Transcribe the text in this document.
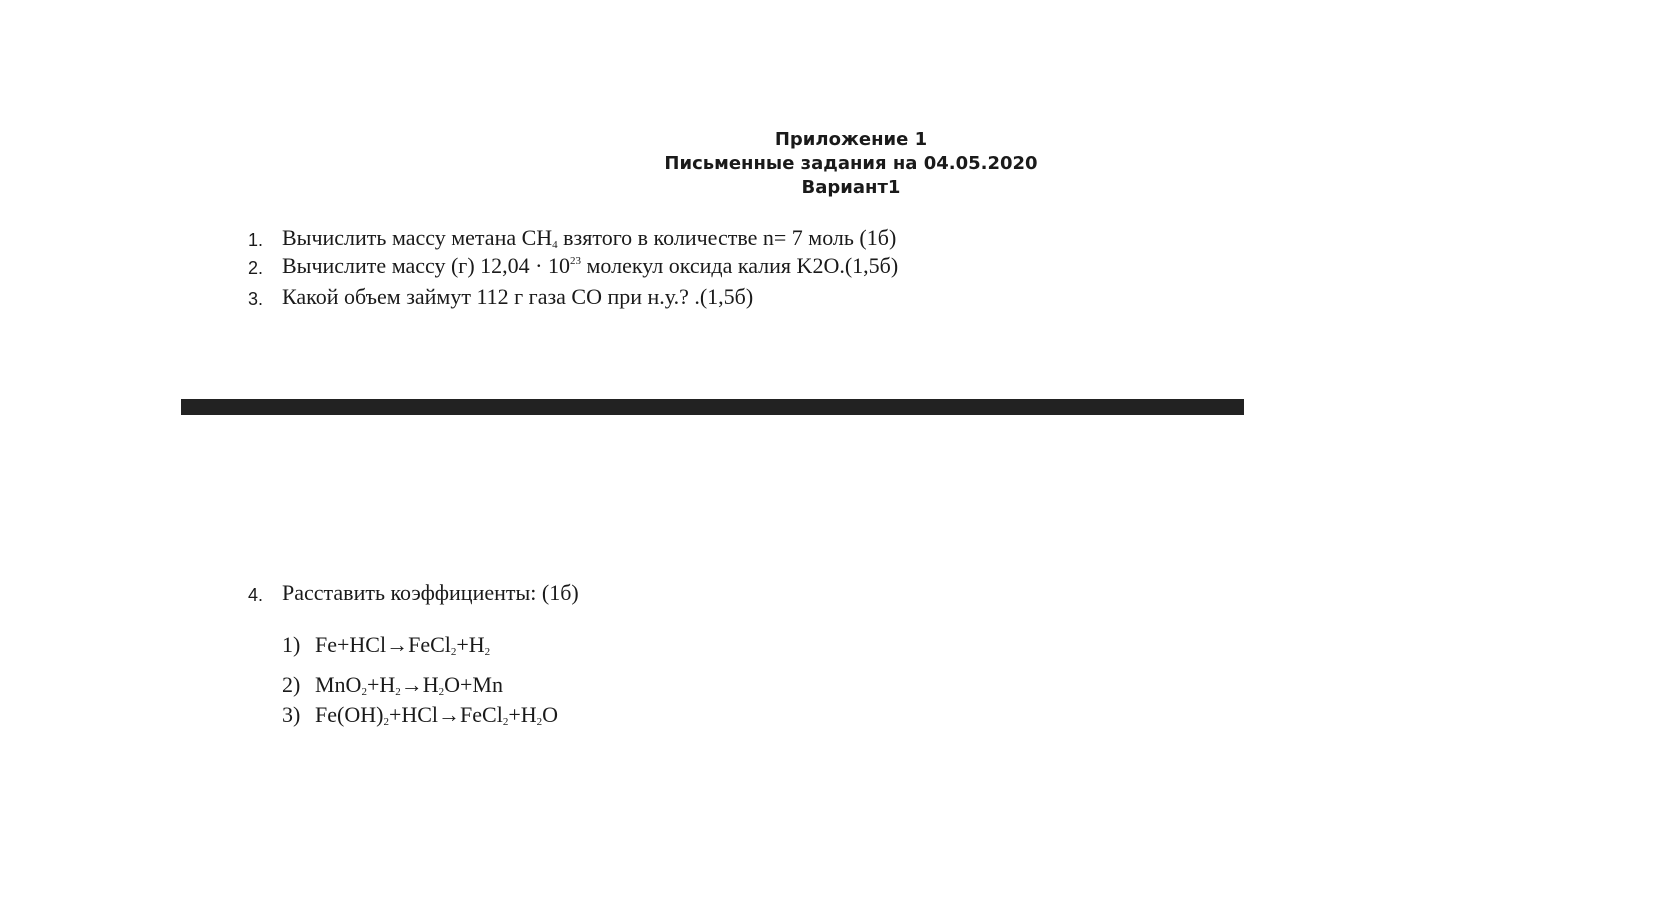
Приложение 1
Письменные задания на 04.05.2020
Вариант1
1. Вычислить массу метана $CH_4$ взятого в количестве n= 7 моль (1б)
2. Вычислите массу (г) $12,04 \cdot 10^{23}$ молекул оксида калия K2O.(1,5б)
3. Какой объем займут 112 г газа CO при н.у.? .(1,5б)
4. Расставить коэффициенты: (1б)
1) $Fe+HCl\to FeCl_2+H_2$
2) $MnO_2+H_2\to H_2O+Mn$
3) $Fe(OH)_2+HCl\to FeCl_2+H_2O$
